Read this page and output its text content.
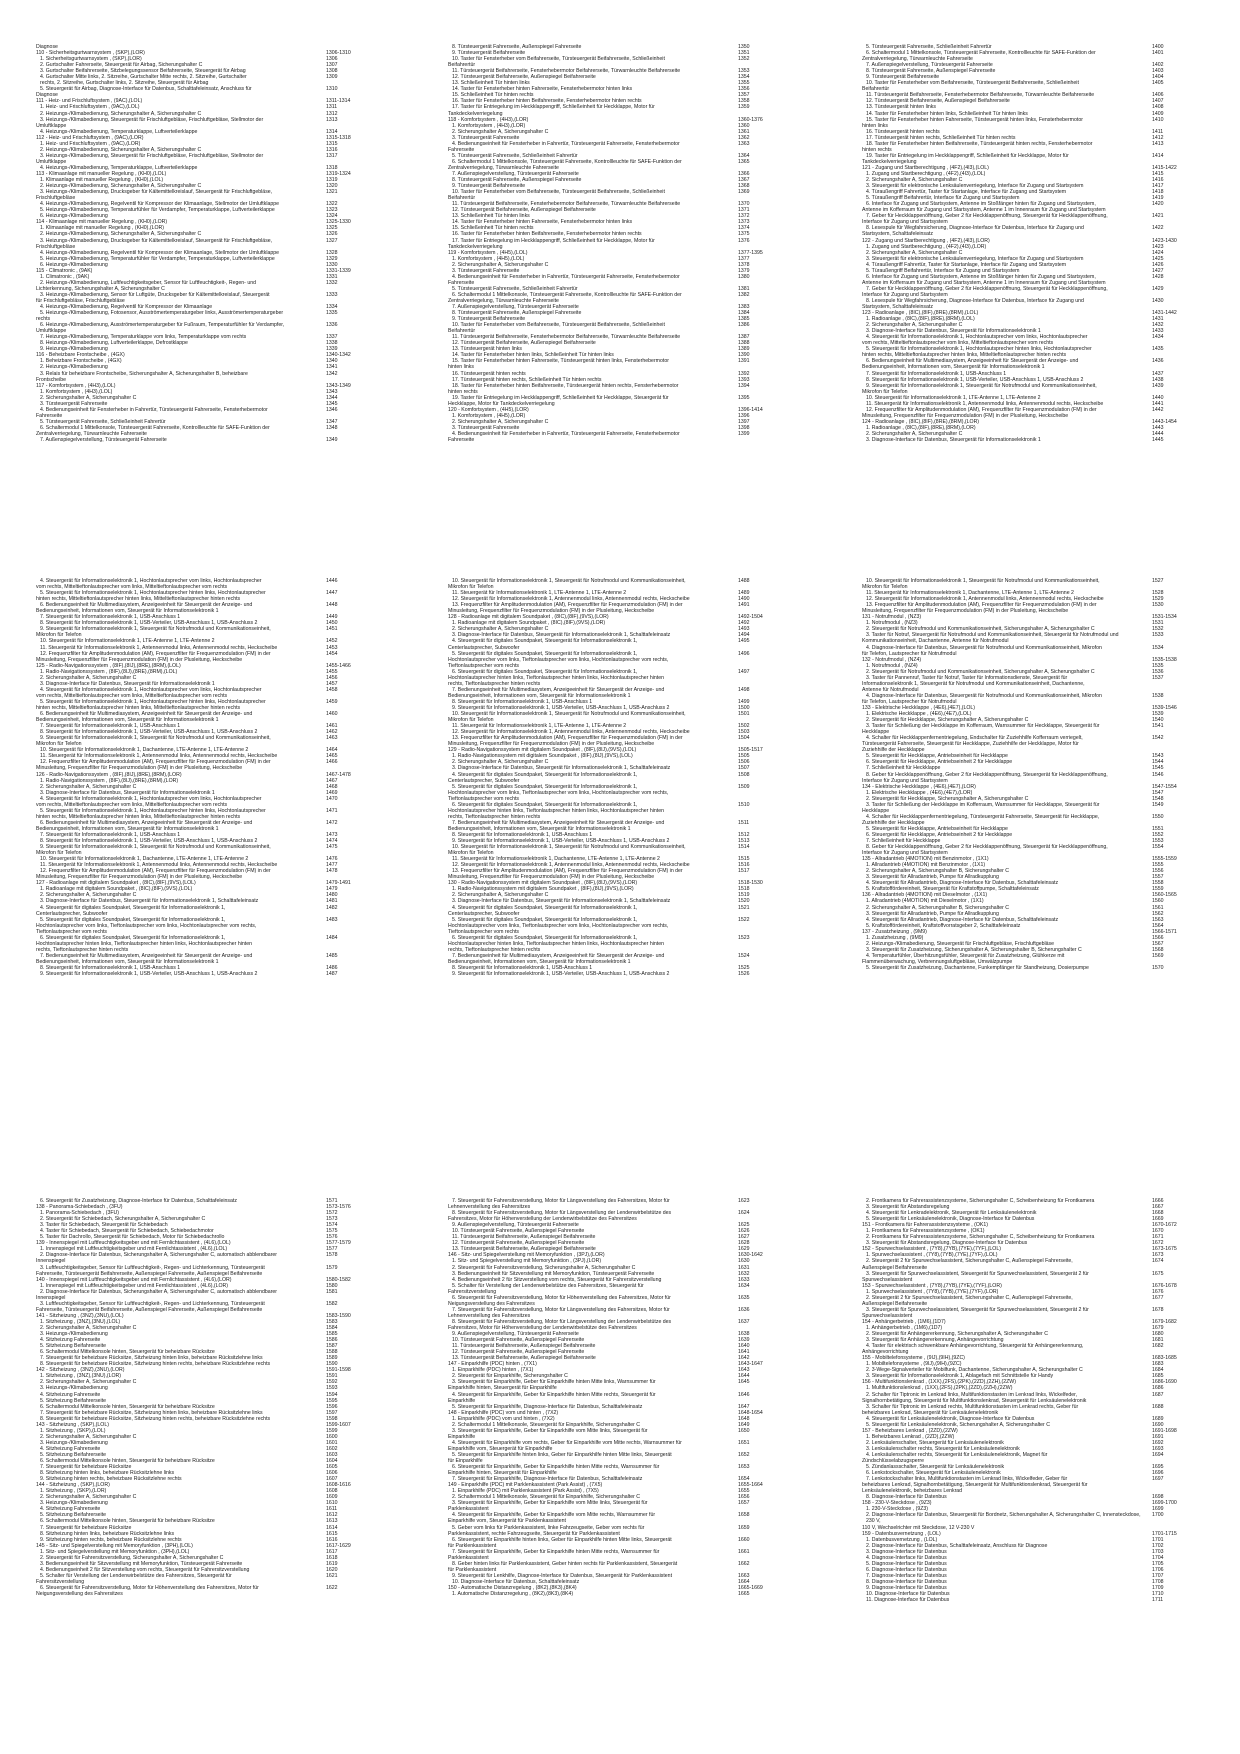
Diagnose
110 - Sicherheitsgurtwarnsystem , (SKP),(LOR)	1306-1310
1. Sicherheitsgurtwarnsystem , (SKP),(LOR)	1306
2. Gurtschalter Fahrerseite, Steuergerät für Airbag, Sicherungshalter C	1307
3. Gurtschalter Beifahrerseite, Sitzbelegungssensor Beifahrerseite, Steuergerät für Airbag	1308
4. Gurtschalter Mitte links, 2. Sitzreihe, Gurtschalter Mitte rechts, 2. Sitzreihe, Gurtschalter	1309
rechts, 2. Sitzreihe, Gurtschalter links, 2. Sitzreihe, Steuergerät für Airbag
5. Steuergerät für Airbag, Diagnose-Interface für Datenbus, Schalttafeleinsatz, Anschluss für	1310
Diagnose
111 - Heiz- und Frischluftsystem , (9AC),(LOL)	1311-1314
1. Heiz- und Frischluftsystem , (9AC),(LOL)	1311
2. Heizungs-/Klimabedienung, Sicherungshalter A, Sicherungshalter C	1312
3. Heizungs-/Klimabedienung, Steuergerät für Frischluftgebläse, Frischluftgebläse, Stellmotor der	1313
Umluftklappe
4. Heizungs-/Klimabedienung, Temperaturklappe, Luftverteilerklappe	1314
112 - Heiz- und Frischluftsystem , (9AC),(LOR)	1315-1318
1. Heiz- und Frischluftsystem , (9AC),(LOR)	1315
2. Heizungs-/Klimabedienung, Sicherungshalter A, Sicherungshalter C	1316
3. Heizungs-/Klimabedienung, Steuergerät für Frischluftgebläse, Frischluftgebläse, Stellmotor der	1317
Umluftklappe
4. Heizungs-/Klimabedienung, Temperaturklappe, Luftverteilerklappe	1318
113 - Klimaanlage mit manueller Regelung , (KH0),(LOL)	1319-1324
1. Klimaanlage mit manueller Regelung , (KH0),(LOL)	1319
2. Heizungs-/Klimabedienung, Sicherungshalter A, Sicherungshalter C	1320
3. Heizungs-/Klimabedienung, Drucksgeber für Kältemittelkreislauf, Steuergerät für Frischluftgebläse,	1321
Frischluftgebläse
4. Heizungs-/Klimabedienung, Regelventil für Kompressor der Klimaanlage, Stellmotor der Umluftklappe	1322
5. Heizungs-/Klimabedienung, Temperaturfühler für Verdampfer, Temperaturklappe, Luftverteilerklappe	1323
6. Heizungs-/Klimabedienung	1324
114 - Klimaanlage mit manueller Regelung , (KH0),(LOR)	1325-1330
1. Klimaanlage mit manueller Regelung , (KH0),(LOR)	1325
2. Heizungs-/Klimabedienung, Sicherungshalter A, Sicherungshalter C	1326
3. Heizungs-/Klimabedienung, Drucksgeber für Kältemittelkreislauf, Steuergerät für Frischluftgebläse,	1327
Frischluftgebläse
4. Heizungs-/Klimabedienung, Regelventil für Kompressor der Klimaanlage, Stellmotor der Umluftklappe	1328
5. Heizungs-/Klimabedienung, Temperaturfühler für Verdampfer, Temperaturklappe, Luftverteilerklappe	1329
6. Heizungs-/Klimabedienung	1330
115 - Climatronic , (9AK)	1331-1339
1. Climatronic , (9AK)	1331
2. Heizungs-/Klimabedienung, Luftfeuchtigkeitsgeber, Sensor für Luftfeuchtigkeit-, Regen- und	1332
Lichterkennung, Sicherungshalter A, Sicherungshalter C
3. Heizungs-/Klimabedienung, Sensor für Luftgüte, Drucksgeber für Kältemittelkreislauf, Steuergerät	1333
für Frischluftgebläse, Frischluftgebläse
4. Heizungs-/Klimabedienung, Regelventil für Kompressor der Klimaanlage	1334
5. Heizungs-/Klimabedienung, Fotosensor, Ausströmertemperaturgeber links, Ausströmertemperaturgeber	1335
rechts
6. Heizungs-/Klimabedienung, Ausströmertemperaturgeber für Fußraum, Temperaturfühler für Verdampfer,	1336
Umluftklappe
7. Heizungs-/Klimabedienung, Temperaturklappe vom links, Temperaturklappe vom rechts	1337
8. Heizungs-/Klimabedienung, Luftverteilerklappe, Defrostklappe	1338
9. Heizungs-/Klimabedienung	1339
116 - Beheizbare Frontscheibe , (4GX)	1340-1342
1. Beheizbare Frontscheibe , (4GX)	1340
2. Heizungs-/Klimabedienung	1341
3. Relais für beheizbare Frontscheibe, Sicherungshalter A, Sicherungshalter B, beheizbare	1342
Frontscheibe
117 - Komfortsystem , (4H3),(LOL)	1343-1349
1. Komfortsystem , (4H3),(LOL)	1343
2. Sicherungshalter A, Sicherungshalter C	1344
3. Türsteuergerät Fahrerseite	1345
4. Bedienungseinheit für Fensterheber in Fahrertür, Türsteuergerät Fahrerseite, Fensterhebermotor	1346
Fahrerseite
5. Türsteuergerät Fahrerseite, Schließeinheit Fahrertür	1347
6. Schaltermodul 1 Mittelkonsole, Türsteuergerät Fahrerseite, Kontrollleuchte für SAFE-Funktion der	1348
Zentralverriegelung, Türwarnleuchte Fahrerseite
7. Außenspiegelverstellung, Türsteuergerät Fahrerseite	1349
8. Türsteuergerät Fahrerseite, Außenspiegel Fahrerseite	1350
9. Türsteuergerät Beifahrerseite	1351
10. Taster für Fensterheber vom Beifahrerseite, Türsteuergerät Beifahrerseite, Schließeinheit	1352
Beifahrertür
11. Türsteuergerät Beifahrerseite, Fensterhebermotor Beifahrerseite, Türwarnleuchte Beifahrerseite	1353
12. Türsteuergerät Beifahrerseite, Außenspiegel Beifahrerseite	1354
13. Schließeinheit Tür hinten links	1355
14. Taster für Fensterheber hinten Fahrerseite, Fensterhebermotor hinten links	1356
15. Schließeinheit Tür hinten rechts	1357
16. Taster für Fensterheber hinten Beifahrerseite, Fensterhebermotor hinten rechts	1358
17. Taster für Entriegelung im Heckklappengriff, Schließeinheit für Heckklappe, Motor für	1359
Tankdeckelverriegelung
118 - Komfortsystem , (4H3),(LOR)	1360-1376
1. Komfortsystem , (4H3),(LOR)	1360
2. Sicherungshalter A, Sicherungshalter C	1361
3. Türsteuergerät Fahrerseite	1362
4. Bedienungseinheit für Fensterheber in Fahrertür, Türsteuergerät Fahrerseite, Fensterhebermotor	1363
Fahrerseite
5. Türsteuergerät Fahrerseite, Schließeinheit Fahrertür	1364
6. Schaltermodul 1 Mittelkonsole, Türsteuergerät Fahrerseite, Kontrollleuchte für SAFE-Funktion der	1365
Zentralverriegelung, Türwarnleuchte Fahrerseite
7. Außenspiegelverstellung, Türsteuergerät Fahrerseite	1366
8. Türsteuergerät Fahrerseite, Außenspiegel Fahrerseite	1367
9. Türsteuergerät Beifahrerseite	1368
10. Taster für Fensterheber vom Beifahrerseite, Türsteuergerät Beifahrerseite, Schließeinheit	1369
Beifahrertür
11. Türsteuergerät Beifahrerseite, Fensterhebermotor Beifahrerseite, Türwarnleuchte Beifahrerseite	1370
12. Türsteuergerät Beifahrerseite, Außenspiegel Beifahrerseite	1371
13. Schließeinheit Tür hinten links	1372
14. Taster für Fensterheber hinten Fahrerseite, Fensterhebermotor hinten links	1373
15. Schließeinheit Tür hinten rechts	1374
16. Taster für Fensterheber hinten Beifahrerseite, Fensterhebermotor hinten rechts	1375
17. Taster für Entriegelung im Heckklappengriff, Schließeinheit für Heckklappe, Motor für	1376
Tankdeckelverriegelung
119 - Komfortsystem , (4H5),(LOL)	1377-1395
1. Komfortsystem , (4H5),(LOL)	1377
2. Sicherungshalter A, Sicherungshalter C	1378
3. Türsteuergerät Fahrerseite	1379
4. Bedienungseinheit für Fensterheber in Fahrertür, Türsteuergerät Fahrerseite, Fensterhebermotor	1380
Fahrerseite
5. Türsteuergerät Fahrerseite, Schließeinheit Fahrertür	1381
6. Schaltermodul 1 Mittelkonsole, Türsteuergerät Fahrerseite, Kontrollleuchte für SAFE-Funktion der	1382
Zentralverriegelung, Türwarnleuchte Fahrerseite
7. Außenspiegelverstellung, Türsteuergerät Fahrerseite	1383
8. Türsteuergerät Fahrerseite, Außenspiegel Fahrerseite	1384
9. Türsteuergerät Beifahrerseite	1385
10. Taster für Fensterheber vom Beifahrerseite, Türsteuergerät Beifahrerseite, Schließeinheit	1386
Beifahrertür
11. Türsteuergerät Beifahrerseite, Fensterhebermotor Beifahrerseite, Türwarnleuchte Beifahrerseite	1387
12. Türsteuergerät Beifahrerseite, Außenspiegel Beifahrerseite	1388
13. Türsteuergerät hinten links	1389
14. Taster für Fensterheber hinten links, Schließeinheit Tür hinten links	1390
15. Taster für Fensterheber hinten Fahrerseite, Türsteuergerät hinten links, Fensterhebermotor	1391
hinten links
16. Türsteuergerät hinten rechts	1392
17. Türsteuergerät hinten rechts, Schließeinheit Tür hinten rechts	1393
18. Taster für Fensterheber hinten Beifahrerseite, Türsteuergerät hinten rechts, Fensterhebermotor	1394
hinten rechts
19. Taster für Entriegelung im Heckklappengriff, Schließeinheit für Heckklappe, Steuergerät für	1395
Heckklappe, Motor für Tankdeckelverriegelung
120 - Komfortsystem , (4H5),(LOR)	1396-1414
1. Komfortsystem , (4H5),(LOR)	1396
2. Sicherungshalter A, Sicherungshalter C	1397
3. Türsteuergerät Fahrerseite	1398
4. Bedienungseinheit für Fensterheber in Fahrertür, Türsteuergerät Fahrerseite, Fensterhebermotor	1399
Fahrerseite
5. Türsteuergerät Fahrerseite, Schließeinheit Fahrertür	1400
6. Schaltermodul 1 Mittelkonsole, Türsteuergerät Fahrerseite, Kontrollleuchte für SAFE-Funktion der	1401
Zentralverriegelung, Türwarnleuchte Fahrerseite
7. Außenspiegelverstellung, Türsteuergerät Fahrerseite	1402
8. Türsteuergerät Fahrerseite, Außenspiegel Fahrerseite	1403
9. Türsteuergerät Beifahrerseite	1404
10. Taster für Fensterheber vom Beifahrerseite, Türsteuergerät Beifahrerseite, Schließeinheit	1405
Beifahrertür
11. Türsteuergerät Beifahrerseite, Fensterhebermotor Beifahrerseite, Türwarnleuchte Beifahrerseite	1406
12. Türsteuergerät Beifahrerseite, Außenspiegel Beifahrerseite	1407
13. Türsteuergerät hinten links	1408
14. Taster für Fensterheber hinten links, Schließeinheit Tür hinten links	1409
15. Taster für Fensterheber hinten Fahrerseite, Türsteuergerät hinten links, Fensterhebermotor	1410
hinten links
16. Türsteuergerät hinten rechts	1411
17. Türsteuergerät hinten rechts, Schließeinheit Tür hinten rechts	1412
18. Taster für Fensterheber hinten Beifahrerseite, Türsteuergerät hinten rechts, Fensterhebermotor	1413
hinten rechts
19. Taster für Entriegelung im Heckklappengriff, Schließeinheit für Heckklappe, Motor für	1414
Tankdeckelverriegelung
121 - Zugang und Startberechtigung , (4F2),(4I3),(LOL)	1415-1422
1. Zugang und Startberechtigung , (4F2),(4I3),(LOL)	1415
2. Sicherungshalter A, Sicherungshalter C	1416
3. Steuergerät für elektronische Lenksäulenverriegelung, Interface für Zugang und Startsystem	1417
4. Türaußengriff Fahrertür, Taster für Startanlage, Interface für Zugang und Startsystem	1418
5. Türaußengriff Beifahrertür, Interface für Zugang und Startsystem	1419
6. Interface für Zugang und Startsystem, Antenne im Stoßfänger hinten für Zugang und Startsystem,	1420
Antenne im Kofferraum für Zugang und Startsystem, Antenne 1 im Innenraum für Zugang und Startsystem
7. Geber für Heckklappenöffnung, Geber 2 für Heckklappenöffnung, Steuergerät für Heckklappenöffnung,	1421
Interface für Zugang und Startsystem
8. Lesespule für Wegfahrsicherung, Diagnose-Interface für Datenbus, Interface für Zugang und	1422
Startsystem, Schalttafeleinsatz
122 - Zugang und Startberechtigung , (4F2),(4I3),(LOR)	1423-1430
1. Zugang und Startberechtigung , (4F2),(4I3),(LOR)	1423
2. Sicherungshalter A, Sicherungshalter C	1424
3. Steuergerät für elektronische Lenksäulenverriegelung, Interface für Zugang und Startsystem	1425
4. Türaußengriff Fahrertür, Taster für Startanlage, Interface für Zugang und Startsystem	1426
5. Türaußengriff Beifahrertür, Interface für Zugang und Startsystem	1427
6. Interface für Zugang und Startsystem, Antenne im Stoßfänger hinten für Zugang und Startsystem,	1428
Antenne im Kofferraum für Zugang und Startsystem, Antenne 1 im Innenraum für Zugang und Startsystem
7. Geber für Heckklappenöffnung, Geber 2 für Heckklappenöffnung, Steuergerät für Heckklappenöffnung,	1429
Interface für Zugang und Startsystem
8. Lesespule für Wegfahrsicherung, Diagnose-Interface für Datenbus, Interface für Zugang und	1430
Startsystem, Schalttafeleinsatz
123 - Radioanlage , (8IC),(8IF),(8RE),(8RM),(LOL)	1431-1442
1. Radioanlage , (8IC),(8IF),(8RE),(8RM),(LOL)	1431
2. Sicherungshalter A, Sicherungshalter C	1432
3. Diagnose-Interface für Datenbus, Steuergerät für Informationselektronik 1	1433
4. Steuergerät für Informationselektronik 1, Hochtonlautsprecher vom links, Hochtonlautsprecher	1434
vom rechts, Mitteltieftonlautsprecher vom links, Mitteltieftonlautsprecher vom rechts
5. Steuergerät für Informationselektronik 1, Hochtonlautsprecher hinten links, Hochtonlautsprecher	1435
hinten rechts, Mitteltieftonlautsprecher hinten links, Mitteltieftonlautsprecher hinten rechts
6. Bedienungseinheit für Multimediasystem, Anzeigeeinheit für Steuergerät der Anzeige- und	1436
Bedienungseinheit, Informationen vom, Steuergerät für Informationselektronik 1
7. Steuergerät für Informationselektronik 1, USB-Anschluss 1	1437
8. Steuergerät für Informationselektronik 1, USB-Verteiler, USB-Anschluss 1, USB-Anschluss 2	1438
9. Steuergerät für Informationselektronik 1, Steuergerät für Notrufmodul und Kommunikationseinheit,	1439
Mikrofon für Telefon
10. Steuergerät für Informationselektronik 1, LTE-Antenne 1, LTE-Antenne 2	1440
11. Steuergerät für Informationselektronik 1, Antennenmodul links, Antennenmodul rechts, Heckscheibe	1441
12. Frequenzfilter für Amplitudenmodulation (AM), Frequenzfilter für Frequenzmodulation (FM) in der	1442
Minusleitung, Frequenzfilter für Frequenzmodulation (FM) in der Plusleitung, Heckscheibe
124 - Radioanlage , (8IC),(8IF),(8RE),(8RM),(LOR)	1443-1454
1. Radioanlage , (8IC),(8IF),(8RE),(8RM),(LOR)	1443
2. Sicherungshalter A, Sicherungshalter C	1444
3. Diagnose-Interface für Datenbus, Steuergerät für Informationselektronik 1	1445
4. Steuergerät für Informationselektronik 1, Hochtonlautsprecher vom links, Hochtonlautsprecher	1446
vom rechts, Mitteltieftonlautsprecher vom links, Mitteltieftonlautsprecher vom rechts
5. Steuergerät für Informationselektronik 1, Hochtonlautsprecher hinten links, Hochtonlautsprecher	1447
hinten rechts, Mitteltieftonlautsprecher hinten links, Mitteltieftonlautsprecher hinten rechts
6. Bedienungseinheit für Multimediasystem, Anzeigeeinheit für Steuergerät der Anzeige- und	1448
Bedienungseinheit, Informationen vom, Steuergerät für Informationselektronik 1
7. Steuergerät für Informationselektronik 1, USB-Anschluss 1	1449
8. Steuergerät für Informationselektronik 1, USB-Verteiler, USB-Anschluss 1, USB-Anschluss 2	1450
9. Steuergerät für Informationselektronik 1, Steuergerät für Notrufmodul und Kommunikationseinheit,	1451
Mikrofon für Telefon
10. Steuergerät für Informationselektronik 1, LTE-Antenne 1, LTE-Antenne 2	1452
11. Steuergerät für Informationselektronik 1, Antennenmodul links, Antennenmodul rechts, Heckscheibe	1453
12. Frequenzfilter für Amplitudenmodulation (AM), Frequenzfilter für Frequenzmodulation (FM) in der	1454
Minusleitung, Frequenzfilter für Frequenzmodulation (FM) in der Plusleitung, Heckscheibe
125 - Radio-Navigationssystem , (8IF),(8IJ),(8RE),(8RM),(LOL)	1455-1466
1. Radio-Navigationssystem , (8IF),(8IJ),(8RE),(8RM),(LOL)	1455
2. Sicherungshalter A, Sicherungshalter C	1456
3. Diagnose-Interface für Datenbus, Steuergerät für Informationselektronik 1	1457
4. Steuergerät für Informationselektronik 1, Hochtonlautsprecher vom links, Hochtonlautsprecher	1458
vom rechts, Mitteltieftonlautsprecher vom links, Mitteltieftonlautsprecher vom rechts
5. Steuergerät für Informationselektronik 1, Hochtonlautsprecher hinten links, Hochtonlautsprecher	1459
hinten rechts, Mitteltieftonlautsprecher hinten links, Mitteltieftonlautsprecher hinten rechts
6. Bedienungseinheit für Multimediasystem, Anzeigeeinheit für Steuergerät der Anzeige- und	1460
Bedienungseinheit, Informationen vom, Steuergerät für Informationselektronik 1
7. Steuergerät für Informationselektronik 1, USB-Anschluss 1	1461
8. Steuergerät für Informationselektronik 1, USB-Verteiler, USB-Anschluss 1, USB-Anschluss 2	1462
9. Steuergerät für Informationselektronik 1, Steuergerät für Notrufmodul und Kommunikationseinheit,	1463
Mikrofon für Telefon
10. Steuergerät für Informationselektronik 1, Dachantenne, LTE-Antenne 1, LTE-Antenne 2	1464
11. Steuergerät für Informationselektronik 1, Antennenmodul links, Antennenmodul rechts, Heckscheibe	1465
12. Frequenzfilter für Amplitudenmodulation (AM), Frequenzfilter für Frequenzmodulation (FM) in der	1466
Minusleitung, Frequenzfilter für Frequenzmodulation (FM) in der Plusleitung, Heckscheibe
126 - Radio-Navigationssystem , (8IF),(8IJ),(8RE),(8RM),(LOR)	1467-1478
1. Radio-Navigationssystem , (8IF),(8IJ),(8RE),(8RM),(LOR)	1467
2. Sicherungshalter A, Sicherungshalter C	1468
3. Diagnose-Interface für Datenbus, Steuergerät für Informationselektronik 1	1469
4. Steuergerät für Informationselektronik 1, Hochtonlautsprecher vom links, Hochtonlautsprecher	1470
vom rechts, Mitteltieftonlautsprecher vom links, Mitteltieftonlautsprecher vom rechts
5. Steuergerät für Informationselektronik 1, Hochtonlautsprecher hinten links, Hochtonlautsprecher	1471
hinten rechts, Mitteltieftonlautsprecher hinten links, Mitteltieftonlautsprecher hinten rechts
6. Bedienungseinheit für Multimediasystem, Anzeigeeinheit für Steuergerät der Anzeige- und	1472
Bedienungseinheit, Informationen vom, Steuergerät für Informationselektronik 1
7. Steuergerät für Informationselektronik 1, USB-Anschluss 1	1473
8. Steuergerät für Informationselektronik 1, USB-Verteiler, USB-Anschluss 1, USB-Anschluss 2	1474
9. Steuergerät für Informationselektronik 1, Steuergerät für Notrufmodul und Kommunikationseinheit,	1475
Mikrofon für Telefon
10. Steuergerät für Informationselektronik 1, Dachantenne, LTE-Antenne 1, LTE-Antenne 2	1476
11. Steuergerät für Informationselektronik 1, Antennenmodul links, Antennenmodul rechts, Heckscheibe	1477
12. Frequenzfilter für Amplitudenmodulation (AM), Frequenzfilter für Frequenzmodulation (FM) in der	1478
Minusleitung, Frequenzfilter für Frequenzmodulation (FM) in der Plusleitung, Heckscheibe
127 - Radioanlage mit digitalem Soundpaket , (8IC),(8IF),(9VS),(LOL)	1479-1491
1. Radioanlage mit digitalem Soundpaket , (8IC),(8IF),(9VS),(LOL)	1479
2. Sicherungshalter A, Sicherungshalter C	1480
3. Diagnose-Interface für Datenbus, Steuergerät für Informationselektronik 1, Schalttafeleinsatz	1481
4. Steuergerät für digitales Soundpaket, Steuergerät für Informationselektronik 1,	1482
Centerlautsprecher, Subwoofer
5. Steuergerät für digitales Soundpaket, Steuergerät für Informationselektronik 1,	1483
Hochtonlautsprecher vorn links, Tieftonlautsprecher vom links, Hochtonlautsprecher vom rechts,
Tieftonlautsprecher vom rechts
6. Steuergerät für digitales Soundpaket, Steuergerät für Informationselektronik 1,	1484
Hochtonlautsprecher hinten links, Tieftonlautsprecher hinten links, Hochtonlautsprecher hinten
rechts, Tieftonlautsprecher hinten rechts
7. Bedienungseinheit für Multimediasystem, Anzeigeeinheit für Steuergerät der Anzeige- und	1485
Bedienungseinheit, Informationen vom, Steuergerät für Informationselektronik 1
8. Steuergerät für Informationselektronik 1, USB-Anschluss 1	1486
9. Steuergerät für Informationselektronik 1, USB-Verteiler, USB-Anschluss 1, USB-Anschluss 2	1487
10. Steuergerät für Informationselektronik 1, Steuergerät für Notrufmodul und Kommunikationseinheit,	1488
Mikrofon für Telefon
11. Steuergerät für Informationselektronik 1, LTE-Antenne 1, LTE-Antenne 2	1489
12. Steuergerät für Informationselektronik 1, Antennenmodul links, Antennenmodul rechts, Heckscheibe	1490
13. Frequenzfilter für Amplitudenmodulation (AM), Frequenzfilter für Frequenzmodulation (FM) in der	1491
Minusleitung, Frequenzfilter für Frequenzmodulation (FM) in der Plusleitung, Heckscheibe
128 - Radioanlage mit digitalem Soundpaket , (8IC),(8IF),(9VS),(LOR)	1492-1504
1. Radioanlage mit digitalem Soundpaket , (8IC),(8IF),(9VS),(LOR)	1492
2. Sicherungshalter A, Sicherungshalter C	1493
3. Diagnose-Interface für Datenbus, Steuergerät für Informationselektronik 1, Schalttafeleinsatz	1494
4. Steuergerät für digitales Soundpaket, Steuergerät für Informationselektronik 1,	1495
Centerlautsprecher, Subwoofer
5. Steuergerät für digitales Soundpaket, Steuergerät für Informationselektronik 1,	1496
Hochtonlautsprecher vorn links, Tieftonlautsprecher vom links, Hochtonlautsprecher vom rechts,
Tieftonlautsprecher vom rechts
6. Steuergerät für digitales Soundpaket, Steuergerät für Informationselektronik 1,	1497
Hochtonlautsprecher hinten links, Tieftonlautsprecher hinten links, Hochtonlautsprecher hinten
rechts, Tieftonlautsprecher hinten rechts
7. Bedienungseinheit für Multimediasystem, Anzeigeeinheit für Steuergerät der Anzeige- und	1498
Bedienungseinheit, Informationen vom, Steuergerät für Informationselektronik 1
8. Steuergerät für Informationselektronik 1, USB-Anschluss 1	1499
9. Steuergerät für Informationselektronik 1, USB-Verteiler, USB-Anschluss 1, USB-Anschluss 2	1500
10. Steuergerät für Informationselektronik 1, Steuergerät für Notrufmodul und Kommunikationseinheit,	1501
Mikrofon für Telefon
11. Steuergerät für Informationselektronik 1, LTE-Antenne 1, LTE-Antenne 2	1502
12. Steuergerät für Informationselektronik 1, Antennenmodul links, Antennenmodul rechts, Heckscheibe	1503
13. Frequenzfilter für Amplitudenmodulation (AM), Frequenzfilter für Frequenzmodulation (FM) in der	1504
Minusleitung, Frequenzfilter für Frequenzmodulation (FM) in der Plusleitung, Heckscheibe
129 - Radio-Navigationssystem mit digitalem Soundpaket , (8IF),(8IJ),(9VS),(LOL)	1505-1517
1. Radio-Navigationssystem mit digitalem Soundpaket , (8IF),(8IJ),(9VS),(LOL)	1505
2. Sicherungshalter A, Sicherungshalter C	1506
3. Diagnose-Interface für Datenbus, Steuergerät für Informationselektronik 1, Schalttafeleinsatz	1507
4. Steuergerät für digitales Soundpaket, Steuergerät für Informationselektronik 1,	1508
Centerlautsprecher, Subwoofer
5. Steuergerät für digitales Soundpaket, Steuergerät für Informationselektronik 1,	1509
Hochtonlautsprecher vorn links, Tieftonlautsprecher vom links, Hochtonlautsprecher vom rechts,
Tieftonlautsprecher vom rechts
6. Steuergerät für digitales Soundpaket, Steuergerät für Informationselektronik 1,	1510
Hochtonlautsprecher hinten links, Tieftonlautsprecher hinten links, Hochtonlautsprecher hinten
rechts, Tieftonlautsprecher hinten rechts
7. Bedienungseinheit für Multimediasystem, Anzeigeeinheit für Steuergerät der Anzeige- und	1511
Bedienungseinheit, Informationen vom, Steuergerät für Informationselektronik 1
8. Steuergerät für Informationselektronik 1, USB-Anschluss 1	1512
9. Steuergerät für Informationselektronik 1, USB-Verteiler, USB-Anschluss 1, USB-Anschluss 2	1513
10. Steuergerät für Informationselektronik 1, Steuergerät für Notrufmodul und Kommunikationseinheit,	1514
Mikrofon für Telefon
11. Steuergerät für Informationselektronik 1, Dachantenne, LTE-Antenne 1, LTE-Antenne 2	1515
12. Steuergerät für Informationselektronik 1, Antennenmodul links, Antennenmodul rechts, Heckscheibe	1516
13. Frequenzfilter für Amplitudenmodulation (AM), Frequenzfilter für Frequenzmodulation (FM) in der	1517
Minusleitung, Frequenzfilter für Frequenzmodulation (FM) in der Plusleitung, Heckscheibe
130 - Radio-Navigationssystem mit digitalem Soundpaket , (8IF),(8IJ),(9VS),(LOR)	1518-1530
1. Radio-Navigationssystem mit digitalem Soundpaket , (8IF),(8IJ),(9VS),(LOR)	1518
2. Sicherungshalter A, Sicherungshalter C	1519
3. Diagnose-Interface für Datenbus, Steuergerät für Informationselektronik 1, Schalttafeleinsatz	1520
4. Steuergerät für digitales Soundpaket, Steuergerät für Informationselektronik 1,	1521
Centerlautsprecher, Subwoofer
5. Steuergerät für digitales Soundpaket, Steuergerät für Informationselektronik 1,	1522
Hochtonlautsprecher vorn links, Tieftonlautsprecher vom links, Hochtonlautsprecher vom rechts,
Tieftonlautsprecher vom rechts
6. Steuergerät für digitales Soundpaket, Steuergerät für Informationselektronik 1,	1523
Hochtonlautsprecher hinten links, Tieftonlautsprecher hinten links, Hochtonlautsprecher hinten
rechts, Tieftonlautsprecher hinten rechts
7. Bedienungseinheit für Multimediasystem, Anzeigeeinheit für Steuergerät der Anzeige- und	1524
Bedienungseinheit, Informationen vom, Steuergerät für Informationselektronik 1
8. Steuergerät für Informationselektronik 1, USB-Anschluss 1	1525
9. Steuergerät für Informationselektronik 1, USB-Verteiler, USB-Anschluss 1, USB-Anschluss 2	1526
10. Steuergerät für Informationselektronik 1, Steuergerät für Notrufmodul und Kommunikationseinheit,	1527
Mikrofon für Telefon
11. Steuergerät für Informationselektronik 1, Dachantenne, LTE-Antenne 1, LTE-Antenne 2	1528
12. Steuergerät für Informationselektronik 1, Antennenmodul links, Antennenmodul rechts, Heckscheibe	1529
13. Frequenzfilter für Amplitudenmodulation (AM), Frequenzfilter für Frequenzmodulation (FM) in der	1530
Minusleitung, Frequenzfilter für Frequenzmodulation (FM) in der Plusleitung, Heckscheibe
131 - Notrufmodul , (NZ3)	1531-1534
1. Notrufmodul , (NZ3)	1531
2. Steuergerät für Notrufmodul und Kommunikationseinheit, Sicherungshalter A, Sicherungshalter C	1532
3. Taster für Notruf, Steuergerät für Notrufmodul und Kommunikationseinheit, Steuergerät für Notrufmodul und	1533
Kommunikationseinheit, Dachantenne, Antenne für Notrufmodul
4. Diagnose-Interface für Datenbus, Steuergerät für Notrufmodul und Kommunikationseinheit, Mikrofon	1534
für Telefon, Lautsprecher für Notrufmodul
132 - Notrufmodul , (NZ4)	1535-1538
1. Notrufmodul , (NZ4)	1535
2. Steuergerät für Notrufmodul und Kommunikationseinheit, Sicherungshalter A, Sicherungshalter C	1536
3. Taster für Pannenruf, Taster für Notruf, Taster für Informationsdienste, Steuergerät für	1537
Informationselektronik 1, Steuergerät für Notrufmodul und Kommunikationseinheit, Dachantenne,
Antenne für Notrufmodul
4. Diagnose-Interface für Datenbus, Steuergerät für Notrufmodul und Kommunikationseinheit, Mikrofon	1538
für Telefon, Lautsprecher für Notrufmodul
133 - Elektrische Heckklappe , (4E6),(4E7),(LOL)	1539-1546
1. Elektrische Heckklappe , (4E6),(4E7),(LOL)	1539
2. Steuergerät für Heckklappe, Sicherungshalter A, Sicherungshalter C	1540
3. Taster für Schließung der Heckklappe im Kofferraum, Warnsummer für Heckklappe, Steuergerät für	1541
Heckklappe
4. Schalter für Heckklappenfernentriegelung, Endschalter für Zuziehhilfe Kofferraum verriegelt,	1542
Türsteuergerät Fahrerseite, Steuergerät für Heckklappe, Zuziehhilfe der Heckklappe, Motor für
Zuziehhilfe der Heckklappe
5. Steuergerät für Heckklappe, Antriebseinheit für Heckklappe	1543
6. Steuergerät für Heckklappe, Antriebseinheit 2 für Heckklappe	1544
7. Schließeinheit für Heckklappe	1545
8. Geber für Heckklappenöffnung, Geber 2 für Heckklappenöffnung, Steuergerät für Heckklappenöffnung,	1546
Interface für Zugang und Startsystem
134 - Elektrische Heckklappe , (4E6),(4E7),(LOR)	1547-1554
1. Elektrische Heckklappe , (4E6),(4E7),(LOR)	1547
2. Steuergerät für Heckklappe, Sicherungshalter A, Sicherungshalter C	1548
3. Taster für Schließung der Heckklappe im Kofferraum, Warnsummer für Heckklappe, Steuergerät für	1549
Heckklappe
4. Schalter für Heckklappenfernentriegelung, Türsteuergerät Fahrerseite, Steuergerät für Heckklappe,	1550
Zuziehhilfe der Heckklappe
5. Steuergerät für Heckklappe, Antriebseinheit für Heckklappe	1551
6. Steuergerät für Heckklappe, Antriebseinheit 2 für Heckklappe	1552
7. Schließeinheit für Heckklappe	1553
8. Geber für Heckklappenöffnung, Geber 2 für Heckklappenöffnung, Steuergerät für Heckklappenöffnung,	1554
Interface für Zugang und Startsystem
135 - Allradantrieb (4MOTION) mit Benzinmotor , (1X1)	1555-1559
1. Allradantrieb (4MOTION) mit Benzinmotor , (1X1)	1555
2. Sicherungshalter A, Sicherungshalter B, Sicherungshalter C	1556
3. Steuergerät für Allradantrieb, Pumpe für Allradkupplung	1557
4. Steuergerät für Allradantrieb, Diagnose-Interface für Datenbus, Schalttafeleinsatz	1558
5. Kraftstoffördereinheit, Steuergerät für Kraftstoffpumpe, Schalttafeleinsatz	1559
136 - Allradantrieb (4MOTION) mit Dieselmotor , (1X1)	1560-1565
1. Allradantrieb (4MOTION) mit Dieselmotor , (1X1)	1560
2. Sicherungshalter A, Sicherungshalter B, Sicherungshalter C	1561
3. Steuergerät für Allradantrieb, Pumpe für Allradkupplung	1562
4. Steuergerät für Allradantrieb, Diagnose-Interface für Datenbus, Schalttafeleinsatz	1563
5. Kraftstoffördereinheit, Kraftstoffvorratsgeber 2, Schalttafeleinsatz	1564
137 - Zusatzheizung , (9M9)	1566-1571
1. Zusatzheizung , (9M9)	1566
2. Heizungs-/Klimabedienung, Steuergerät für Frischluftgebläse, Frischluftgebläse	1567
3. Steuergerät für Zusatzheizung, Sicherungshalter A, Sicherungshalter B, Sicherungshalter C	1568
4. Temperaturfühler, Überhitzungsfühler, Steuergerät für Zusatzheizung, Glühkerze mit	1569
Flammenüberwachung, Verbrennungsluftgebläse, Umwälzpumpe
5. Steuergerät für Zusatzheizung, Dachantenne, Funkempfänger für Standheizung, Dosierpumpe	1570
6. Steuergerät für Zusatzheizung, Diagnose-Interface für Datenbus, Schalttafeleinsatz	1571
138 - Panorama-Schiebedach , (3FU)	1573-1576
1. Panorama-Schiebedach , (3FU)	1572
2. Steuergerät für Schiebedach, Sicherungshalter A, Sicherungshalter C	1573
3. Taster für Schiebedach, Steuergerät für Schiebedach	1574
4. Taster für Schiebedach, Steuergerät für Schiebedach, Schiebedachmotor	1575
5. Taster für Dachrollo, Steuergerät für Schiebedach, Motor für Schiebedachrollo	1576
139 - Innenspiegel mit Luftfeuchtigkeitsgeber und mit Fernlichtassistent , (4L6),(LOL)	1577-1579
1. Innenspiegel mit Luftfeuchtigkeitsgeber und mit Fernlichtassistent , (4L6),(LOL)	1577
2. Diagnose-Interface für Datenbus, Sicherungshalter A, Sicherungshalter C, automatisch abblendbarer	1578
Innenspiegel
3. Luftfeuchtigkeitsgeber, Sensor für Luftfeuchtigkeit-, Regen- und Lichterkennung, Türsteuergerät	1579
Fahrerseite, Türsteuergerät Beifahrerseite, Außenspiegel Fahrerseite, Außenspiegel Beifahrerseite
140 - Innenspiegel mit Luftfeuchtigkeitsgeber und mit Fernlichtassistent , (4L6),(LOR)	1580-1582
1. Innenspiegel mit Luftfeuchtigkeitsgeber und mit Fernlichtassistent , (4L6),(LOR)	1580
2. Diagnose-Interface für Datenbus, Sicherungshalter A, Sicherungshalter C, automatisch abblendbarer	1581
Innenspiegel
3. Luftfeuchtigkeitsgeber, Sensor für Luftfeuchtigkeit-, Regen- und Lichterkennung, Türsteuergerät	1582
Fahrerseite, Türsteuergerät Beifahrerseite, Außenspiegel Fahrerseite, Außenspiegel Beifahrerseite
141 - Sitzheizung , (3NZ),(3NU),(LOL)	1583-1590
1. Sitzheizung , (3NZ),(3NU),(LOL)	1583
2. Sicherungshalter A, Sicherungshalter C	1584
3. Heizungs-/Klimabedienung	1585
4. Sitzheizung Fahrerseite	1586
5. Sitzheizung Beifahrerseite	1587
6. Schaltermodul Mittelkonsole hinten, Steuergerät für beheizbare Rücksitze	1588
7. Steuergerät für beheizbare Rücksitze, Sitzheizung hinten links, beheizbare Rücksitzlehne links	1589
8. Steuergerät für beheizbare Rücksitze, Sitzheizung hinten rechts, beheizbare Rücksitzlehne rechts	1590
142 - Sitzheizung , (3NZ),(3NU),(LOR)	1591-1598
1. Sitzheizung , (3NZ),(3NU),(LOR)	1591
2. Sicherungshalter A, Sicherungshalter C	1592
3. Heizungs-/Klimabedienung	1593
4. Sitzheizung Fahrerseite	1594
5. Sitzheizung Beifahrerseite	1595
6. Schaltermodul Mittelkonsole hinten, Steuergerät für beheizbare Rücksitze	1596
7. Steuergerät für beheizbare Rücksitze, Sitzheizung hinten links, beheizbare Rücksitzlehne links	1597
8. Steuergerät für beheizbare Rücksitze, Sitzheizung hinten rechts, beheizbare Rücksitzlehne rechts	1598
143 - Sitzheizung , (SKP),(LOL)	1599-1607
1. Sitzheizung , (SKP),(LOL)	1599
2. Sicherungshalter A, Sicherungshalter C	1600
3. Heizungs-/Klimabedienung	1601
4. Sitzheizung Fahrerseite	1602
5. Sitzheizung Beifahrerseite	1603
6. Schaltermodul Mittelkonsole hinten, Steuergerät für beheizbare Rücksitze	1604
7. Steuergerät für beheizbare Rücksitze	1605
8. Sitzheizung hinten links, beheizbare Rücksitzlehne links	1606
9. Sitzheizung hinten rechts, beheizbare Rücksitzlehne rechts	1607
144 - Sitzheizung , (SKP),(LOR)	1608-1616
1. Sitzheizung , (SKP),(LOR)	1608
2. Sicherungshalter A, Sicherungshalter C	1609
3. Heizungs-/Klimabedienung	1610
4. Sitzheizung Fahrerseite	1611
5. Sitzheizung Beifahrerseite	1612
6. Schaltermodul Mittelkonsole hinten, Steuergerät für beheizbare Rücksitze	1613
7. Steuergerät für beheizbare Rücksitze	1614
8. Sitzheizung hinten links, beheizbare Rücksitzlehne links	1615
9. Sitzheizung hinten rechts, beheizbare Rücksitzlehne rechts	1616
145 - Sitz- und Spiegelverstellung mit Memoryfunktion , (3PH),(LOL)	1617-1629
1. Sitz- und Spiegelverstellung mit Memoryfunktion , (3PH),(LOL)	1617
2. Steuergerät für Fahrersitzverstellung, Sicherungshalter A, Sicherungshalter C	1618
3. Bedienungseinheit für Sitzverstellung mit Memoryfunktion, Türsteuergerät Fahrerseite	1619
4. Bedienungseinheit 2 für Sitzverstellung vom rechts, Steuergerät für Fahrersitzverstellung	1620
5. Schalter für Verstellung der Lendenwirbelstütze des Fahrersitzes, Steuergerät für	1621
Fahrersitzverstellung
6. Steuergerät für Fahrersitzverstellung, Motor für Höhenverstellung des Fahrersitzes, Motor für	1622
Neigungsverstellung des Fahrersitzes
7. Steuergerät für Fahrersitzverstellung, Motor für Längsverstellung des Fahrersitzes, Motor für	1623
Lehnenverstellung des Fahrersitzes
8. Steuergerät für Fahrersitzverstellung, Motor für Längsverstellung der Lendenwirbelstütze des	1624
Fahrersitzes, Motor für Höhenverstellung der Lendenwirbelstütze des Fahrersitzes
9. Außenspiegelverstellung, Türsteuergerät Fahrerseite	1625
10. Türsteuergerät Fahrerseite, Außenspiegel Fahrerseite	1626
11. Türsteuergerät Beifahrerseite, Außenspiegel Beifahrerseite	1627
12. Türsteuergerät Fahrerseite, Außenspiegel Fahrerseite	1628
13. Türsteuergerät Beifahrerseite, Außenspiegel Beifahrerseite	1629
146 - Sitz- und Spiegelverstellung mit Memoryfunktion , (3PJ),(LOR)	1630-1642
1. Sitz- und Spiegelverstellung mit Memoryfunktion , (3PJ),(LOR)	1630
2. Steuergerät für Fahrersitzverstellung, Sicherungshalter A, Sicherungshalter C	1631
3. Bedienungseinheit für Sitzverstellung mit Memoryfunktion, Türsteuergerät Fahrerseite	1632
4. Bedienungseinheit 2 für Sitzverstellung vom rechts, Steuergerät für Fahrersitzverstellung	1633
5. Schalter für Verstellung der Lendenwirbelstütze des Fahrersitzes, Steuergerät für	1634
Fahrersitzverstellung
6. Steuergerät für Fahrersitzverstellung, Motor für Höhenverstellung des Fahrersitzes, Motor für	1635
Neigungsverstellung des Fahrersitzes
7. Steuergerät für Fahrersitzverstellung, Motor für Längsverstellung des Fahrersitzes, Motor für	1636
Lehnenverstellung des Fahrersitzes
8. Steuergerät für Fahrersitzverstellung, Motor für Längsverstellung der Lendenwirbelstütze des	1637
Fahrersitzes, Motor für Höhenverstellung der Lendenwirbelstütze des Fahrersitzes
9. Außenspiegelverstellung, Türsteuergerät Fahrerseite	1638
10. Türsteuergerät Fahrerseite, Außenspiegel Fahrerseite	1639
11. Türsteuergerät Beifahrerseite, Außenspiegel Beifahrerseite	1640
12. Türsteuergerät Fahrerseite, Außenspiegel Fahrerseite	1641
13. Türsteuergerät Beifahrerseite, Außenspiegel Beifahrerseite	1642
147 - Einparkhilfe (PDC) hinten , (7X1)	1643-1647
1. Einparkhilfe (PDC) hinten , (7X1)	1643
2. Steuergerät für Einparkhilfe, Sicherungshalter C	1644
3. Steuergerät für Einparkhilfe, Geber für Einparkhilfe hinten Mitte links, Warnsummer für	1645
Einparkhilfe hinten, Steuergerät für Einparkhilfe
4. Steuergerät für Einparkhilfe, Geber für Einparkhilfe hinten Mitte rechts, Steuergerät für	1646
Einparkhilfe
5. Steuergerät für Einparkhilfe, Diagnose-Interface für Datenbus, Schalttafeleinsatz	1647
148 - Einparkhilfe (PDC) vom und hinten , (7X2)	1648-1654
1. Einparkhilfe (PDC) vom und hinten , (7X2)	1648
2. Schaltermodul 1 Mittelkonsole, Steuergerät für Einparkhilfe, Sicherungshalter C	1649
3. Steuergerät für Einparkhilfe, Geber für Einparkhilfe vom Mitte links, Steuergerät für	1650
Einparkhilfe
4. Steuergerät für Einparkhilfe vom rechts, Geber für Einparkhilfe vom Mitte rechts, Warnsummer für	1651
Einparkhilfe vom, Steuergerät für Einparkhilfe
5. Steuergerät für Einparkhilfe hinten links, Geber für Einparkhilfe hinten Mitte links, Steuergerät	1652
für Einparkhilfe
6. Steuergerät für Einparkhilfe, Geber für Einparkhilfe hinten Mitte rechts, Warnsummer für	1653
Einparkhilfe hinten, Steuergerät für Einparkhilfe
7. Steuergerät für Einparkhilfe, Diagnose-Interface für Datenbus, Schalttafeleinsatz	1654
149 - Einparkhilfe (PDC) mit Parklenkassistent (Park Assist) , (7X5)	1655-1664
1. Einparkhilfe (PDC) mit Parklenkassistent (Park Assist) , (7X5)	1655
2. Schaltermodul 1 Mittelkonsole, Steuergerät für Einparkhilfe, Sicherungshalter C	1656
3. Steuergerät für Einparkhilfe, Geber für Einparkhilfe vom Mitte links, Steuergerät für	1657
Parklenkassistent
4. Steuergerät für Einparkhilfe, Geber für Einparkhilfe vom Mitte rechts, Warnsummer für	1658
Einparkhilfe vom, Steuergerät für Parklenkassistent
5. Geber vom links für Parklenkassistent, linke Fahrzeugseite, Geber vom rechts für	1659
Parklenkassistent, rechte Fahrzeugseite, Steuergerät für Parklenkassistent
6. Steuergerät für Einparkhilfe hinten links, Geber für Einparkhilfe hinten Mitte links, Steuergerät	1660
für Parklenkassistent
7. Steuergerät für Einparkhilfe, Geber für Einparkhilfe hinten Mitte rechts, Warnsummer für	1661
Parklenkassistent
8. Geber hinten links für Parklenkassistent, Geber hinten rechts für Parklenkassistent, Steuergerät	1662
für Parklenkassistent
9. Steuergerät für Lenkhilfe, Diagnose-Interface für Datenbus, Steuergerät für Parklenkassistent	1663
10. Diagnose-Interface für Datenbus, Schalttafeleinsatz	1664
150 - Automatische Distanzregelung , (8K2),(8K3),(8K4)	1665-1669
1. Automatische Distanzregelung , (8K2),(8K3),(8K4)	1665
2. Frontkamera für Fahrerassistenzsysteme, Sicherungshalter C, Scheibenheizung für Frontkamera	1666
3. Steuergerät für Abstandsregelung	1667
4. Steuergerät für Lenkradelektronik, Steuergerät für Lenksäulenelektronik	1668
5. Steuergerät für Lenksäulenelektronik, Diagnose-Interface für Datenbus	1669
151 - Frontkamera für Fahrerassistenzsysteme , (OK1)	1670-1672
1. Frontkamera für Fahrerassistenzsysteme , (OK1)	1670
2. Frontkamera für Fahrerassistenzsysteme, Sicherungshalter C, Scheibenheizung für Frontkamera	1671
3. Steuergerät für Abstandsregelung, Diagnose-Interface für Datenbus	1672
152 - Spurwechselassistent , (7Y8),(7YB),(7YE),(7YF),(LOL)	1673-1675
1. Spurwechselassistent , (7Y8),(7YB),(7YE),(7YF),(LOL)	1673
2. Steuergerät 2 für Spurwechselassistent, Sicherungshalter C, Außenspiegel Fahrerseite,	1674
Außenspiegel Beifahrerseite
3. Steuergerät für Spurwechselassistent, Steuergerät für Spurwechselassistent, Steuergerät 2 für	1675
Spurwechselassistent
153 - Spurwechselassistent , (7Y8),(7YB),(7YE),(7YF),(LOR)	1676-1678
1. Spurwechselassistent , (7Y8),(7YB),(7YE),(7YF),(LOR)	1676
2. Steuergerät 2 für Spurwechselassistent, Sicherungshalter C, Außenspiegel Fahrerseite,	1677
Außenspiegel Beifahrerseite
3. Steuergerät für Spurwechselassistent, Steuergerät für Spurwechselassistent, Steuergerät 2 für	1678
Spurwechselassistent
154 - Anhängerbetrieb , (1M6),(1D7)	1679-1682
1. Anhängerbetrieb , (1M6),(1D7)	1679
2. Steuergerät für Anhängererkennung, Sicherungshalter A, Sicherungshalter C	1680
3. Steuergerät für Anhängererkennung, Anhängevorrichtung	1681
4. Taster für elektrisch schwenkbare Anhängevorrichtung, Steuergerät für Anhängererkennung,	1682
Anhängevorrichtung
155 - Mobiltelefonsysteme , (9IJ),(9IH),(9ZC)	1683-1685
1. Mobiltelefonsysteme , (9IJ),(9IH),(9ZC)	1683
2. 3-Wege-Signalverteiler für Mobilfunk, Dachantenne, Sicherungshalter A, Sicherungshalter C	1684
3. Steuergerät für Informationselektronik 1, Ablagefach mit Schnittstelle für Handy	1685
156 - Multifunktionslenkrad , (1XX),(2FS),(2PK),(2ZD),(2ZH),(2ZW)	1686-1690
1. Multifunktionslenkrad , (1XX),(2FS),(2PK),(2ZD),(2ZH),(2ZW)	1686
2. Schalter für Tiptronic im Lenkrad links, Multifunktionstasten im Lenkrad links, Wickelfeder,	1687
Signalhornbetätigung, Steuergerät für Multifunktionslenkrad, Steuergerät für Lenksäulenelektronik
3. Schalter für Tiptronic im Lenkrad rechts, Multifunktionstasten im Lenkrad rechts, Geber für	1688
beheizbares Lenkrad, Steuergerät für Lenksäulenelektronik
4. Steuergerät für Lenksäulenelektronik, Diagnose-Interface für Datenbus	1689
5. Steuergerät für Lenksäulenelektronik, Sicherungshalter A, Sicherungshalter C	1690
157 - Beheizbares Lenkrad , (2ZD),(2ZW)	1691-1698
1. Beheizbares Lenkrad , (2ZD),(2ZW)	1691
2. Lenksäulenschalter, Steuergerät für Lenksäulenelektronik	1692
3. Lenksäulenschalter rechts, Steuergerät für Lenksäulenelektronik	1693
4. Lenksäulenschalter rechts, Steuergerät für Lenksäulenelektronik, Magnet für	1694
Zündschlüsselabzugsperre
5. Zündanlassschalter, Steuergerät für Lenksäulenelektronik	1695
6. Lenkstockschalter, Steuergerät für Lenksäulenelektronik	1696
7. Lenkstockschalter links, Multifunktionstasten im Lenkrad links, Wickelfeder, Geber für	1697
beheizbares Lenkrad, Signalhornbetätigung, Steuergerät für Multifunktionslenkrad, Steuergerät für
Lenksäulenelektronik, beheizbares Lenkrad
8. Diagnose-Interface für Datenbus	1698
158 - 230-V-Steckdose , (9Z3)	1699-1700
1. 230-V-Steckdose , (9Z3)	1699
2. Diagnose-Interface für Datenbus, Steuergerät für Bordnetz, Sicherungshalter A, Sicherungshalter C, Innensteckdose, 230 V,
1700
110 V, Wechselrichter mit Steckdose, 12 V-230 V
159 - Datenbusvernetzung , (LOL)	1701-1715
1. Datenbusvernetzung , (LOL)	1701
2. Diagnose-Interface für Datenbus, Schalttafeleinsatz, Anschluss für Diagnose	1702
3. Diagnose-Interface für Datenbus	1703
4. Diagnose-Interface für Datenbus	1704
5. Diagnose-Interface für Datenbus	1705
6. Diagnose-Interface für Datenbus	1706
7. Diagnose-Interface für Datenbus	1707
8. Diagnose-Interface für Datenbus	1708
9. Diagnose-Interface für Datenbus	1709
10. Diagnose-Interface für Datenbus	1710
11. Diagnose-Interface für Datenbus	1711
